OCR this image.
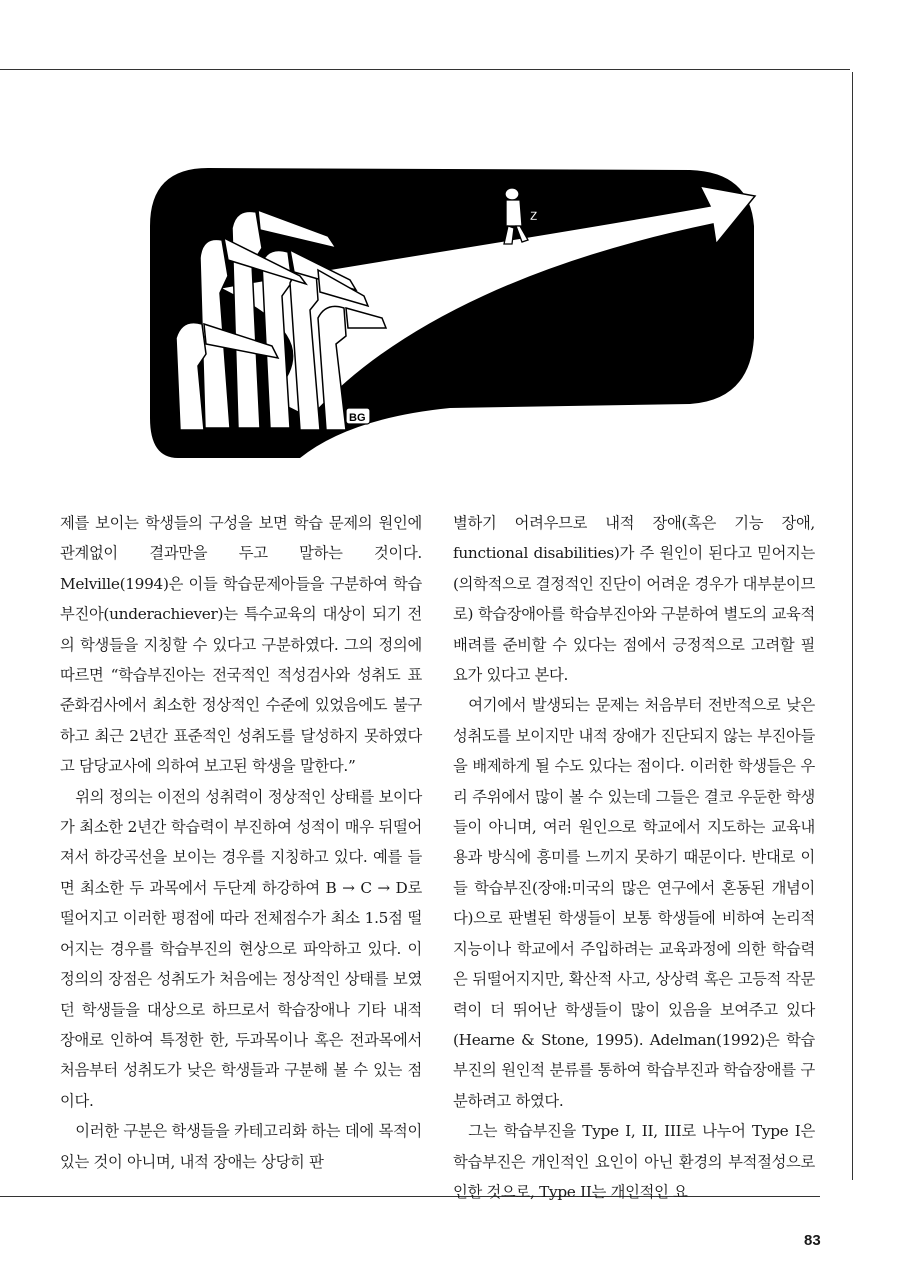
Z
BG

제를 보이는 학생들의 구성을 보면 학습 문제의 원인에 관계없이 결과만을 두고 말하는 것이다. Melville(1994)은 이들 학습문제아들을 구분하여 학습부진아(underachiever)는 특수교육의 대상이 되기 전의 학생들을 지칭할 수 있다고 구분하였다. 그의 정의에 따르면 “학습부진아는 전국적인 적성검사와 성취도 표준화검사에서 최소한 정상적인 수준에 있었음에도 불구하고 최근 2년간 표준적인 성취도를 달성하지 못하였다고 담당교사에 의하여 보고된 학생을 말한다.”

위의 정의는 이전의 성취력이 정상적인 상태를 보이다가 최소한 2년간 학습력이 부진하여 성적이 매우 뒤떨어져서 하강곡선을 보이는 경우를 지칭하고 있다. 예를 들면 최소한 두 과목에서 두단계 하강하여 B → C → D로 떨어지고 이러한 평점에 따라 전체점수가 최소 1.5점 떨어지는 경우를 학습부진의 현상으로 파악하고 있다. 이 정의의 장점은 성취도가 처음에는 정상적인 상태를 보였던 학생들을 대상으로 하므로서 학습장애나 기타 내적 장애로 인하여 특정한 한, 두과목이나 혹은 전과목에서 처음부터 성취도가 낮은 학생들과 구분해 볼 수 있는 점이다.

이러한 구분은 학생들을 카테고리화 하는 데에 목적이 있는 것이 아니며, 내적 장애는 상당히 판

별하기 어려우므로 내적 장애(혹은 기능 장애, functional disabilities)가 주 원인이 된다고 믿어지는(의학적으로 결정적인 진단이 어려운 경우가 대부분이므로) 학습장애아를 학습부진아와 구분하여 별도의 교육적 배려를 준비할 수 있다는 점에서 긍정적으로 고려할 필요가 있다고 본다.

여기에서 발생되는 문제는 처음부터 전반적으로 낮은 성취도를 보이지만 내적 장애가 진단되지 않는 부진아들을 배제하게 될 수도 있다는 점이다. 이러한 학생들은 우리 주위에서 많이 볼 수 있는데 그들은 결코 우둔한 학생들이 아니며, 여러 원인으로 학교에서 지도하는 교육내용과 방식에 흥미를 느끼지 못하기 때문이다. 반대로 이들 학습부진(장애:미국의 많은 연구에서 혼동된 개념이다)으로 판별된 학생들이 보통 학생들에 비하여 논리적 지능이나 학교에서 주입하려는 교육과정에 의한 학습력은 뒤떨어지지만, 확산적 사고, 상상력 혹은 고등적 작문력이 더 뛰어난 학생들이 많이 있음을 보여주고 있다(Hearne & Stone, 1995). Adelman(1992)은 학습부진의 원인적 분류를 통하여 학습부진과 학습장애를 구분하려고 하였다.

그는 학습부진을 Type I, II, III로 나누어 Type I은 학습부진은 개인적인 요인이 아닌 환경의 부적절성으로 인한 것으로, Type II는 개인적인 요

83
